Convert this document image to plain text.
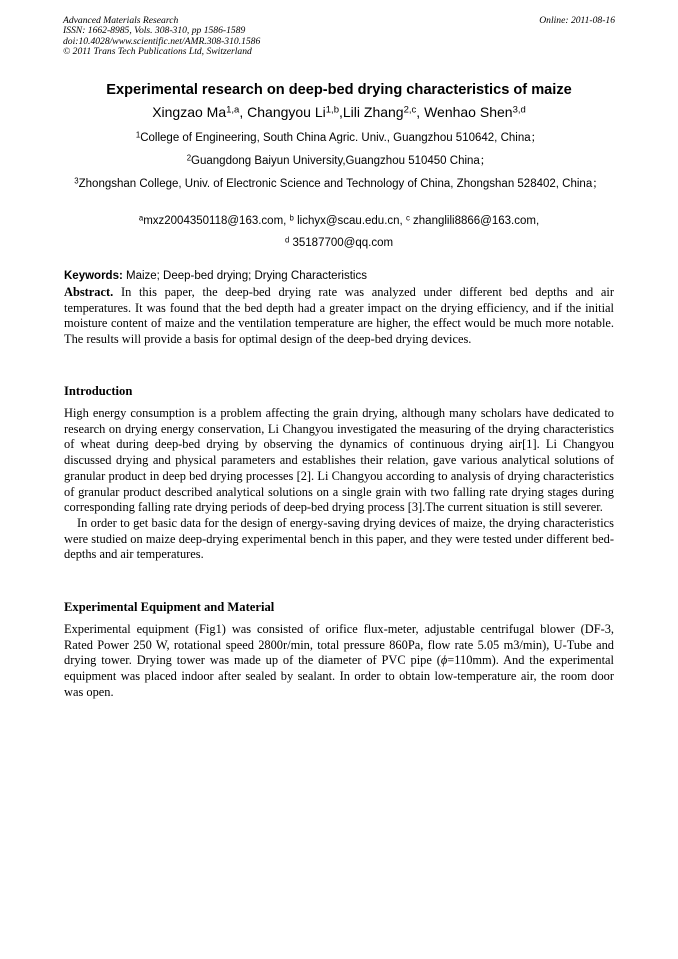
Advanced Materials Research
ISSN: 1662-8985, Vols. 308-310, pp 1586-1589
doi:10.4028/www.scientific.net/AMR.308-310.1586
© 2011 Trans Tech Publications Ltd, Switzerland
Online: 2011-08-16
Experimental research on deep-bed drying characteristics of maize
Xingzao Ma$^{1,a}$, Changyou Li$^{1,b}$,Lili Zhang$^{2,c}$, Wenhao Shen$^{3,d}$
$^1$College of Engineering, South China Agric. Univ., Guangzhou 510642, China；
$^2$Guangdong Baiyun University,Guangzhou 510450 China；
$^3$Zhongshan College, Univ. of Electronic Science and Technology of China, Zhongshan 528402, China；
$^a$mxz2004350118@163.com, $^b$ lichyx@scau.edu.cn, $^c$ zhanglili8866@163.com,
$^d$ 35187700@qq.com
Keywords: Maize; Deep-bed drying; Drying Characteristics
Abstract. In this paper, the deep-bed drying rate was analyzed under different bed depths and air temperatures. It was found that the bed depth had a greater impact on the drying efficiency, and if the initial moisture content of maize and the ventilation temperature are higher, the effect would be much more notable. The results will provide a basis for optimal design of the deep-bed drying devices.
Introduction
High energy consumption is a problem affecting the grain drying, although many scholars have dedicated to research on drying energy conservation, Li Changyou investigated the measuring of the drying characteristics of wheat during deep-bed drying by observing the dynamics of continuous drying air[1]. Li Changyou discussed drying and physical parameters and establishes their relation, gave various analytical solutions of granular product in deep bed drying processes [2]. Li Changyou according to analysis of drying characteristics of granular product described analytical solutions on a single grain with two falling rate drying stages during corresponding falling rate drying periods of deep-bed drying process [3].The current situation is still severer.
In order to get basic data for the design of energy-saving drying devices of maize, the drying characteristics were studied on maize deep-drying experimental bench in this paper, and they were tested under different bed-depths and air temperatures.
Experimental Equipment and Material
Experimental equipment (Fig1) was consisted of orifice flux-meter, adjustable centrifugal blower (DF-3, Rated Power 250 W, rotational speed 2800r/min, total pressure 860Pa, flow rate 5.05 m3/min), U-Tube and drying tower. Drying tower was made up of the diameter of PVC pipe (ϕ=110mm). And the experimental equipment was placed indoor after sealed by sealant. In order to obtain low-temperature air, the room door was open.
